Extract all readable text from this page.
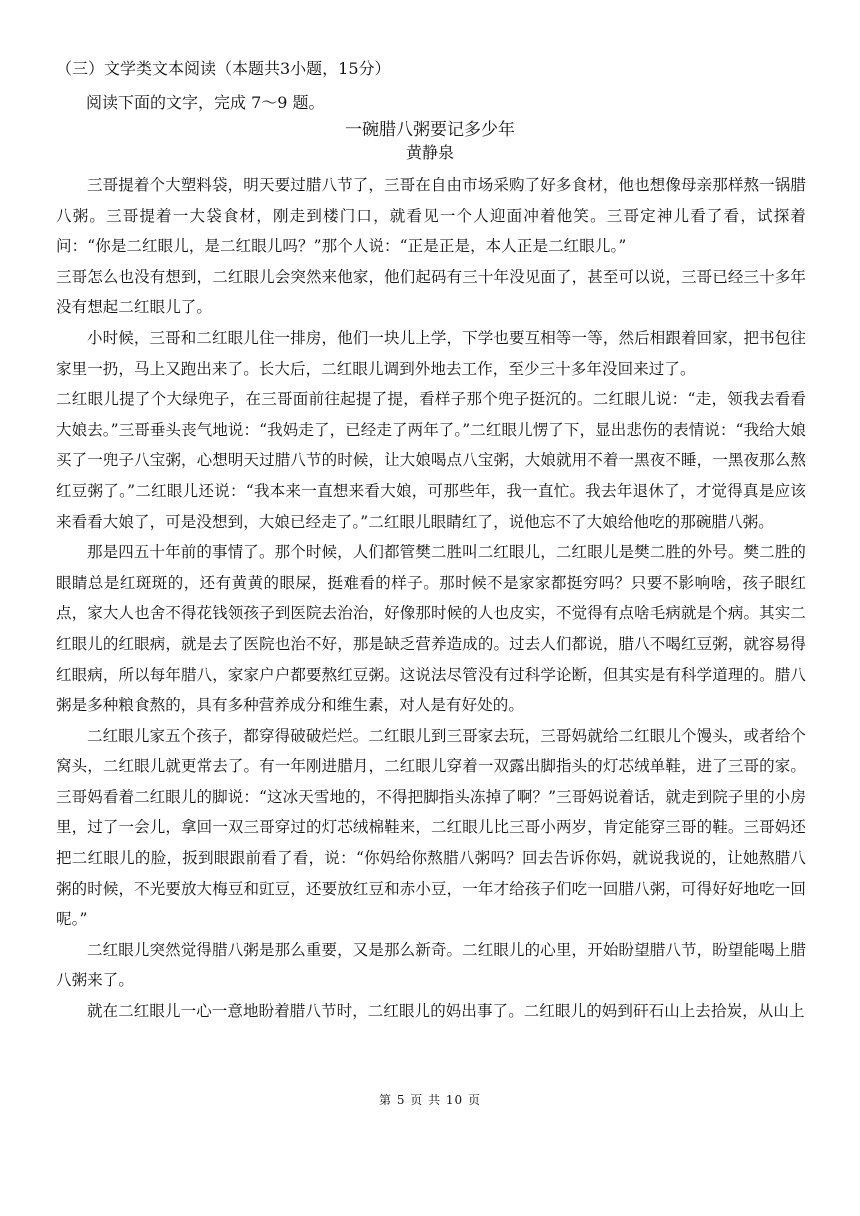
（三）文学类文本阅读（本题共3小题，15分）
阅读下面的文字，完成 7～9 题。
一碗腊八粥要记多少年
黄静泉

三哥提着个大塑料袋，明天要过腊八节了，三哥在自由市场采购了好多食材，他也想像母亲那样熬一锅腊八粥。三哥提着一大袋食材，刚走到楼门口，就看见一个人迎面冲着他笑。三哥定神儿看了看，试探着问：“你是二红眼儿，是二红眼儿吗？”那个人说：“正是正是，本人正是二红眼儿。”

三哥怎么也没有想到，二红眼儿会突然来他家，他们起码有三十年没见面了，甚至可以说，三哥已经三十多年没有想起二红眼儿了。

小时候，三哥和二红眼儿住一排房，他们一块儿上学，下学也要互相等一等，然后相跟着回家，把书包往家里一扔，马上又跑出来了。长大后，二红眼儿调到外地去工作，至少三十多年没回来过了。

二红眼儿提了个大绿兜子，在三哥面前往起提了提，看样子那个兜子挺沉的。二红眼儿说：“走，领我去看看大娘去。”三哥垂头丧气地说：“我妈走了，已经走了两年了。”二红眼儿愣了下，显出悲伤的表情说：“我给大娘买了一兜子八宝粥，心想明天过腊八节的时候，让大娘喝点八宝粥，大娘就用不着一黑夜不睡，一黑夜那么熬红豆粥了。”二红眼儿还说：“我本来一直想来看大娘，可那些年，我一直忙。我去年退休了，才觉得真是应该来看看大娘了，可是没想到，大娘已经走了。”二红眼儿眼睛红了，说他忘不了大娘给他吃的那碗腊八粥。

那是四五十年前的事情了。那个时候，人们都管樊二胜叫二红眼儿，二红眼儿是樊二胜的外号。樊二胜的眼睛总是红斑斑的，还有黄黄的眼屎，挺难看的样子。那时候不是家家都挺穷吗？只要不影响啥，孩子眼红点，家大人也舍不得花钱领孩子到医院去治治，好像那时候的人也皮实，不觉得有点啥毛病就是个病。其实二红眼儿的红眼病，就是去了医院也治不好，那是缺乏营养造成的。过去人们都说，腊八不喝红豆粥，就容易得红眼病，所以每年腊八，家家户户都要熬红豆粥。这说法尽管没有过科学论断，但其实是有科学道理的。腊八粥是多种粮食熬的，具有多种营养成分和维生素，对人是有好处的。

二红眼儿家五个孩子，都穿得破破烂烂。二红眼儿到三哥家去玩，三哥妈就给二红眼儿个馒头，或者给个窝头，二红眼儿就更常去了。有一年刚进腊月，二红眼儿穿着一双露出脚指头的灯芯绒单鞋，进了三哥的家。三哥妈看着二红眼儿的脚说：“这冰天雪地的，不得把脚指头冻掉了啊？”三哥妈说着话，就走到院子里的小房里，过了一会儿，拿回一双三哥穿过的灯芯绒棉鞋来，二红眼儿比三哥小两岁，肯定能穿三哥的鞋。三哥妈还把二红眼儿的脸，扳到眼跟前看了看，说：“你妈给你熬腊八粥吗？回去告诉你妈，就说我说的，让她熬腊八粥的时候，不光要放大梅豆和豇豆，还要放红豆和赤小豆，一年才给孩子们吃一回腊八粥，可得好好地吃一回呢。”

二红眼儿突然觉得腊八粥是那么重要，又是那么新奇。二红眼儿的心里，开始盼望腊八节，盼望能喝上腊八粥来了。

就在二红眼儿一心一意地盼着腊八节时，二红眼儿的妈出事了。二红眼儿的妈到矸石山上去拾炭，从山上

第 5 页 共 10 页
